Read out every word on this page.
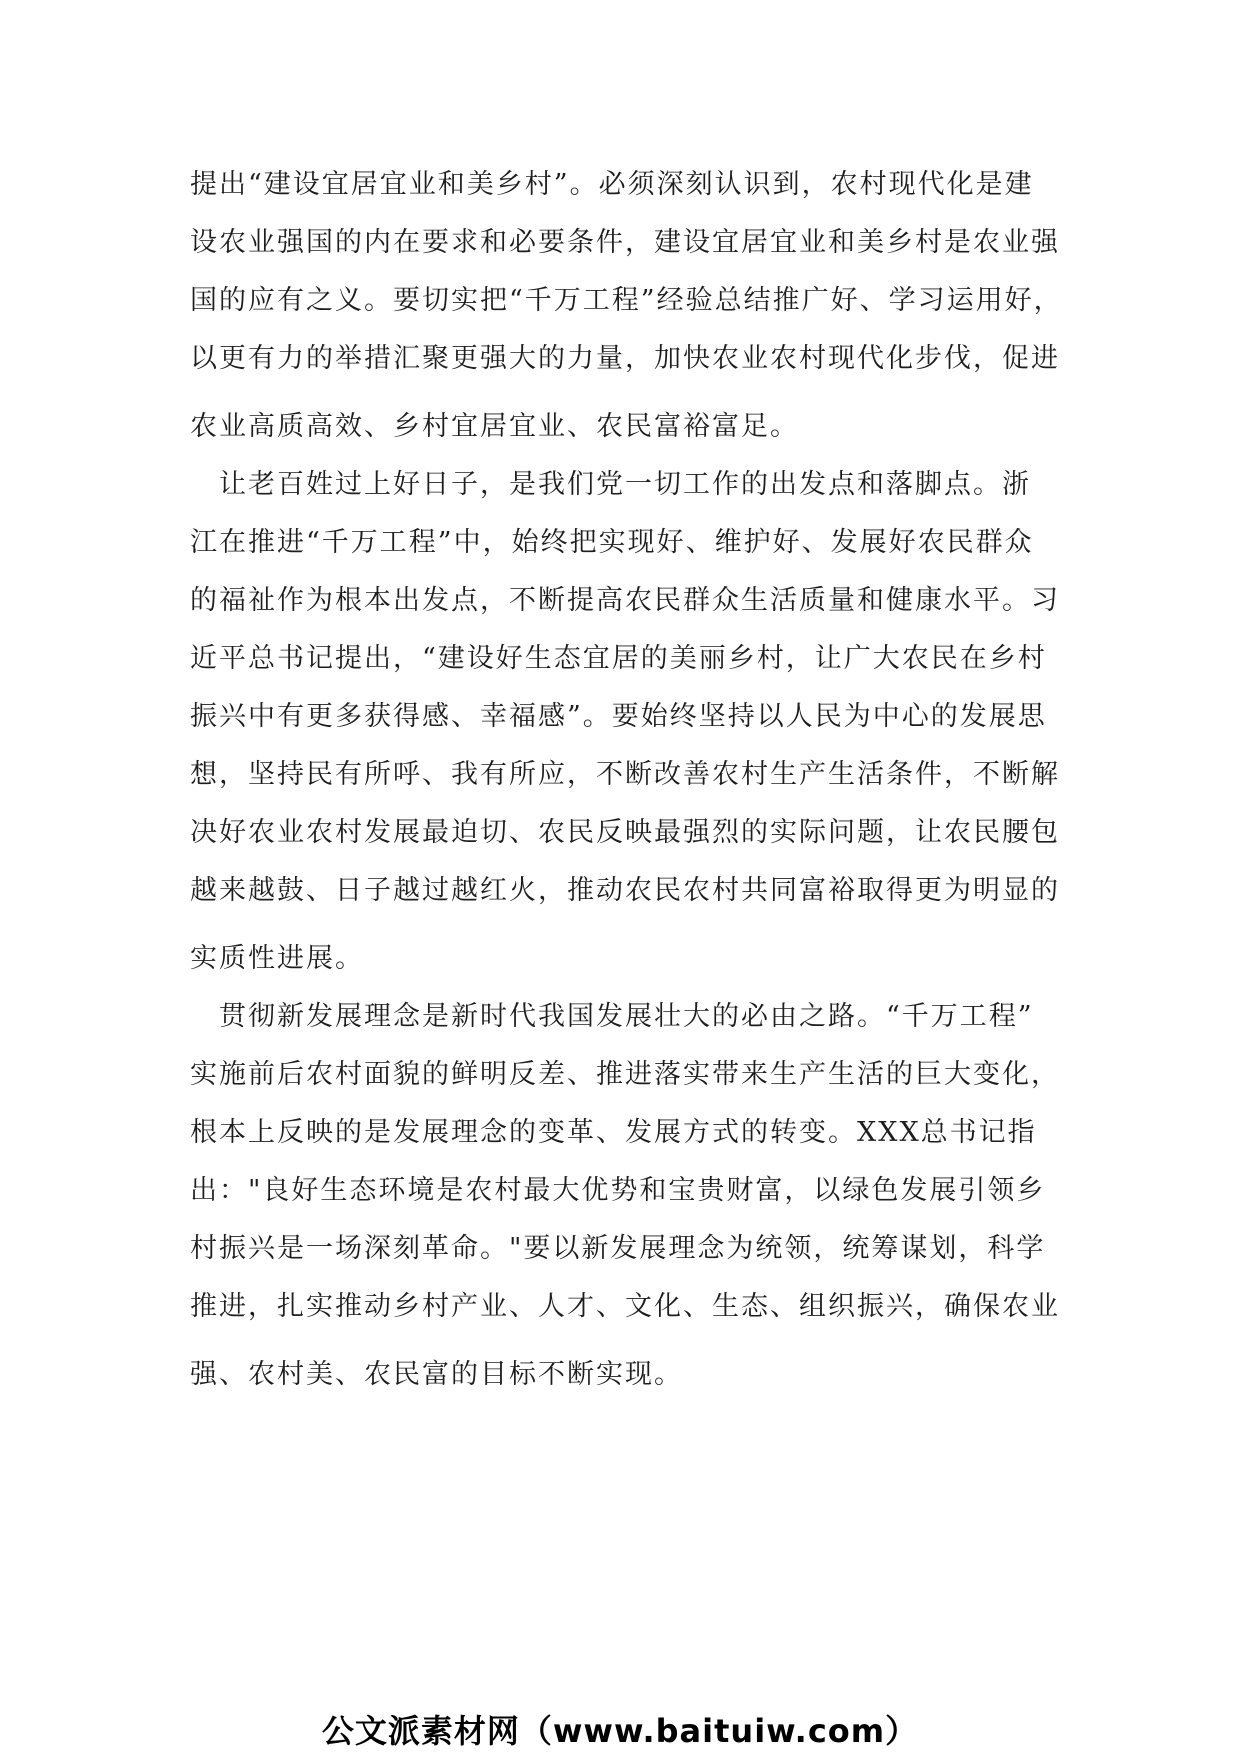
提出“建设宜居宜业和美乡村”。必须深刻认识到，农村现代化是建
设农业强国的内在要求和必要条件，建设宜居宜业和美乡村是农业强
国的应有之义。要切实把“千万工程”经验总结推广好、学习运用好，
以更有力的举措汇聚更强大的力量，加快农业农村现代化步伐，促进
农业高质高效、乡村宜居宜业、农民富裕富足。
　让老百姓过上好日子，是我们党一切工作的出发点和落脚点。浙
江在推进“千万工程”中，始终把实现好、维护好、发展好农民群众
的福祉作为根本出发点，不断提高农民群众生活质量和健康水平。习
近平总书记提出，“建设好生态宜居的美丽乡村，让广大农民在乡村
振兴中有更多获得感、幸福感”。要始终坚持以人民为中心的发展思
想，坚持民有所呼、我有所应，不断改善农村生产生活条件，不断解
决好农业农村发展最迫切、农民反映最强烈的实际问题，让农民腰包
越来越鼓、日子越过越红火，推动农民农村共同富裕取得更为明显的
实质性进展。
　贯彻新发展理念是新时代我国发展壮大的必由之路。“千万工程”
实施前后农村面貌的鲜明反差、推进落实带来生产生活的巨大变化，
根本上反映的是发展理念的变革、发展方式的转变。XXX总书记指
出："良好生态环境是农村最大优势和宝贵财富，以绿色发展引领乡
村振兴是一场深刻革命。"要以新发展理念为统领，统筹谋划，科学
推进，扎实推动乡村产业、人才、文化、生态、组织振兴，确保农业
强、农村美、农民富的目标不断实现。
公文派素材网（www.baituiw.com）
